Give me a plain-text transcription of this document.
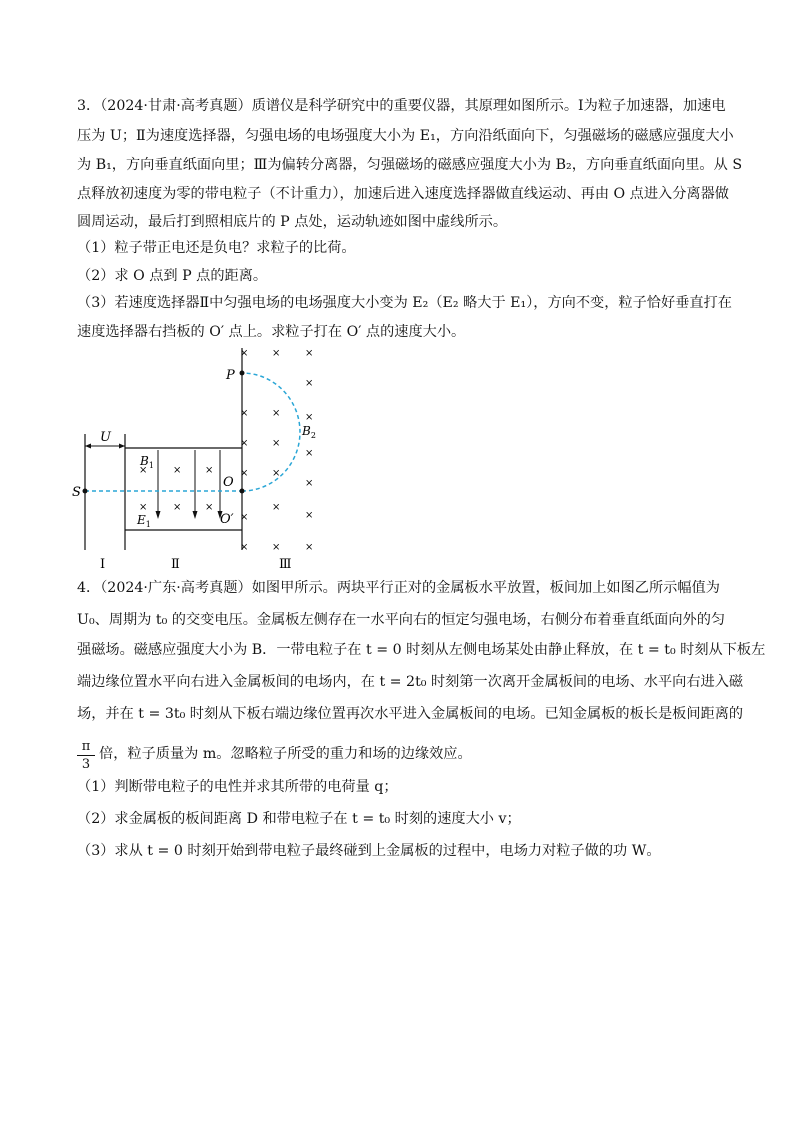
3．（2024·甘肃·高考真题）质谱仪是科学研究中的重要仪器，其原理如图所示。Ⅰ为粒子加速器，加速电
压为 U；Ⅱ为速度选择器，匀强电场的电场强度大小为 E₁，方向沿纸面向下，匀强磁场的磁感应强度大小
为 B₁，方向垂直纸面向里；Ⅲ为偏转分离器，匀强磁场的磁感应强度大小为 B₂，方向垂直纸面向里。从 S
点释放初速度为零的带电粒子（不计重力），加速后进入速度选择器做直线运动、再由 O 点进入分离器做
圆周运动，最后打到照相底片的 P 点处，运动轨迹如图中虚线所示。
（1）粒子带正电还是负电？求粒子的比荷。
（2）求 O 点到 P 点的距离。
（3）若速度选择器Ⅱ中匀强电场的电场强度大小变为 E₂（E₂ 略大于 E₁），方向不变，粒子恰好垂直打在
速度选择器右挡板的 O′ 点上。求粒子打在 O′ 点的速度大小。
U
×	× ×
×	× ×
$B_1$
$E_1$
× × ×
×
× × ×
× ×
×
× ×
×
×
×
×
× ×
×
S
O
P
O′
$B_2$
Ⅰ	Ⅱ	Ⅲ
4．（2024·广东·高考真题）如图甲所示。两块平行正对的金属板水平放置，板间加上如图乙所示幅值为
U₀、周期为 t₀ 的交变电压。金属板左侧存在一水平向右的恒定匀强电场，右侧分布着垂直纸面向外的匀
强磁场。磁感应强度大小为 B．一带电粒子在 t = 0 时刻从左侧电场某处由静止释放，在 t = t₀ 时刻从下板左
端边缘位置水平向右进入金属板间的电场内，在 t = 2t₀ 时刻第一次离开金属板间的电场、水平向右进入磁
场，并在 t = 3t₀ 时刻从下板右端边缘位置再次水平进入金属板间的电场。已知金属板的板长是板间距离的
π
3
倍，粒子质量为 m。忽略粒子所受的重力和场的边缘效应。
（1）判断带电粒子的电性并求其所带的电荷量 q；
（2）求金属板的板间距离 D 和带电粒子在 t = t₀ 时刻的速度大小 v；
（3）求从 t = 0 时刻开始到带电粒子最终碰到上金属板的过程中，电场力对粒子做的功 W。
